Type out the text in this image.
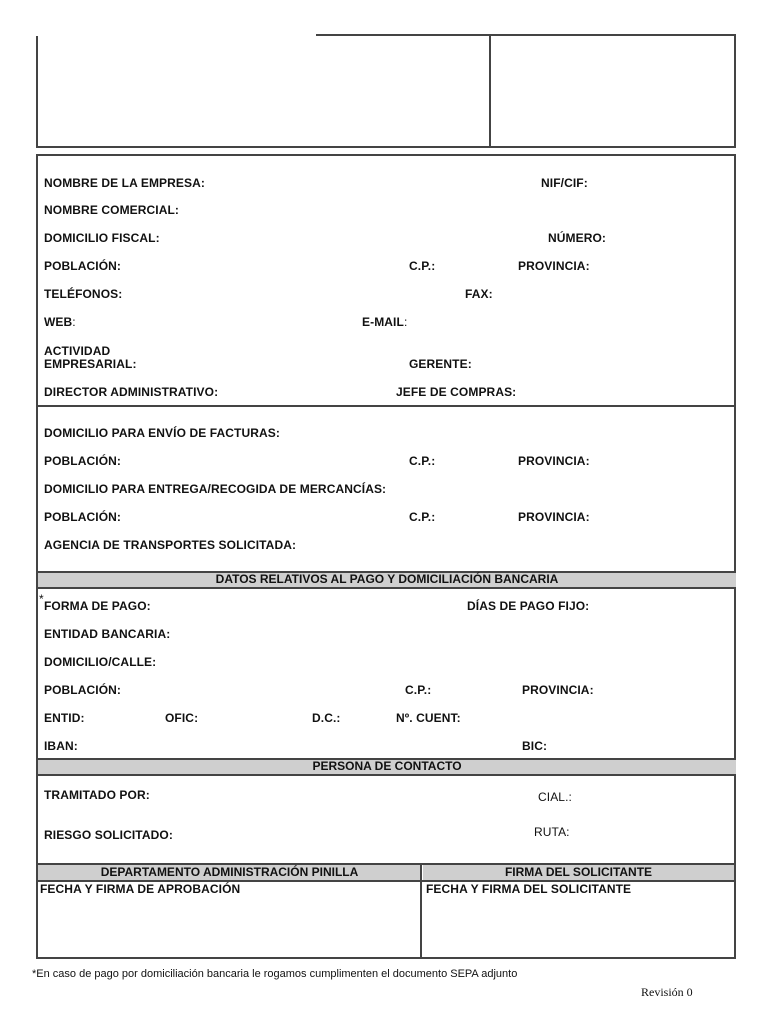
NOMBRE DE LA EMPRESA:	NIF/CIF:
NOMBRE COMERCIAL:
DOMICILIO FISCAL:	NÚMERO:
POBLACIÓN:	C.P.:	PROVINCIA:
TELÉFONOS:	FAX:
WEB:	E-MAIL:
ACTIVIDAD
EMPRESARIAL:	GERENTE:
DIRECTOR ADMINISTRATIVO:	JEFE DE COMPRAS:
DOMICILIO PARA ENVÍO DE FACTURAS:
POBLACIÓN:	C.P.:	PROVINCIA:
DOMICILIO PARA ENTREGA/RECOGIDA DE MERCANCÍAS:
POBLACIÓN:	C.P.:	PROVINCIA:
AGENCIA DE TRANSPORTES SOLICITADA:
DATOS RELATIVOS AL PAGO Y DOMICILIACIÓN BANCARIA
* FORMA DE PAGO:	DÍAS DE PAGO FIJO:
ENTIDAD BANCARIA:
DOMICILIO/CALLE:
POBLACIÓN:	C.P.:	PROVINCIA:
ENTID:	OFIC:	D.C.:	Nº. CUENT:
IBAN:	BIC:
PERSONA DE CONTACTO
TRAMITADO POR:	CIAL.:
RIESGO SOLICITADO:	RUTA:
DEPARTAMENTO ADMINISTRACIÓN PINILLA	FIRMA DEL SOLICITANTE
FECHA Y FIRMA DE APROBACIÓN	FECHA Y FIRMA DEL SOLICITANTE
*En caso de pago por domiciliación bancaria le rogamos cumplimenten el documento SEPA adjunto
Revisión 0
